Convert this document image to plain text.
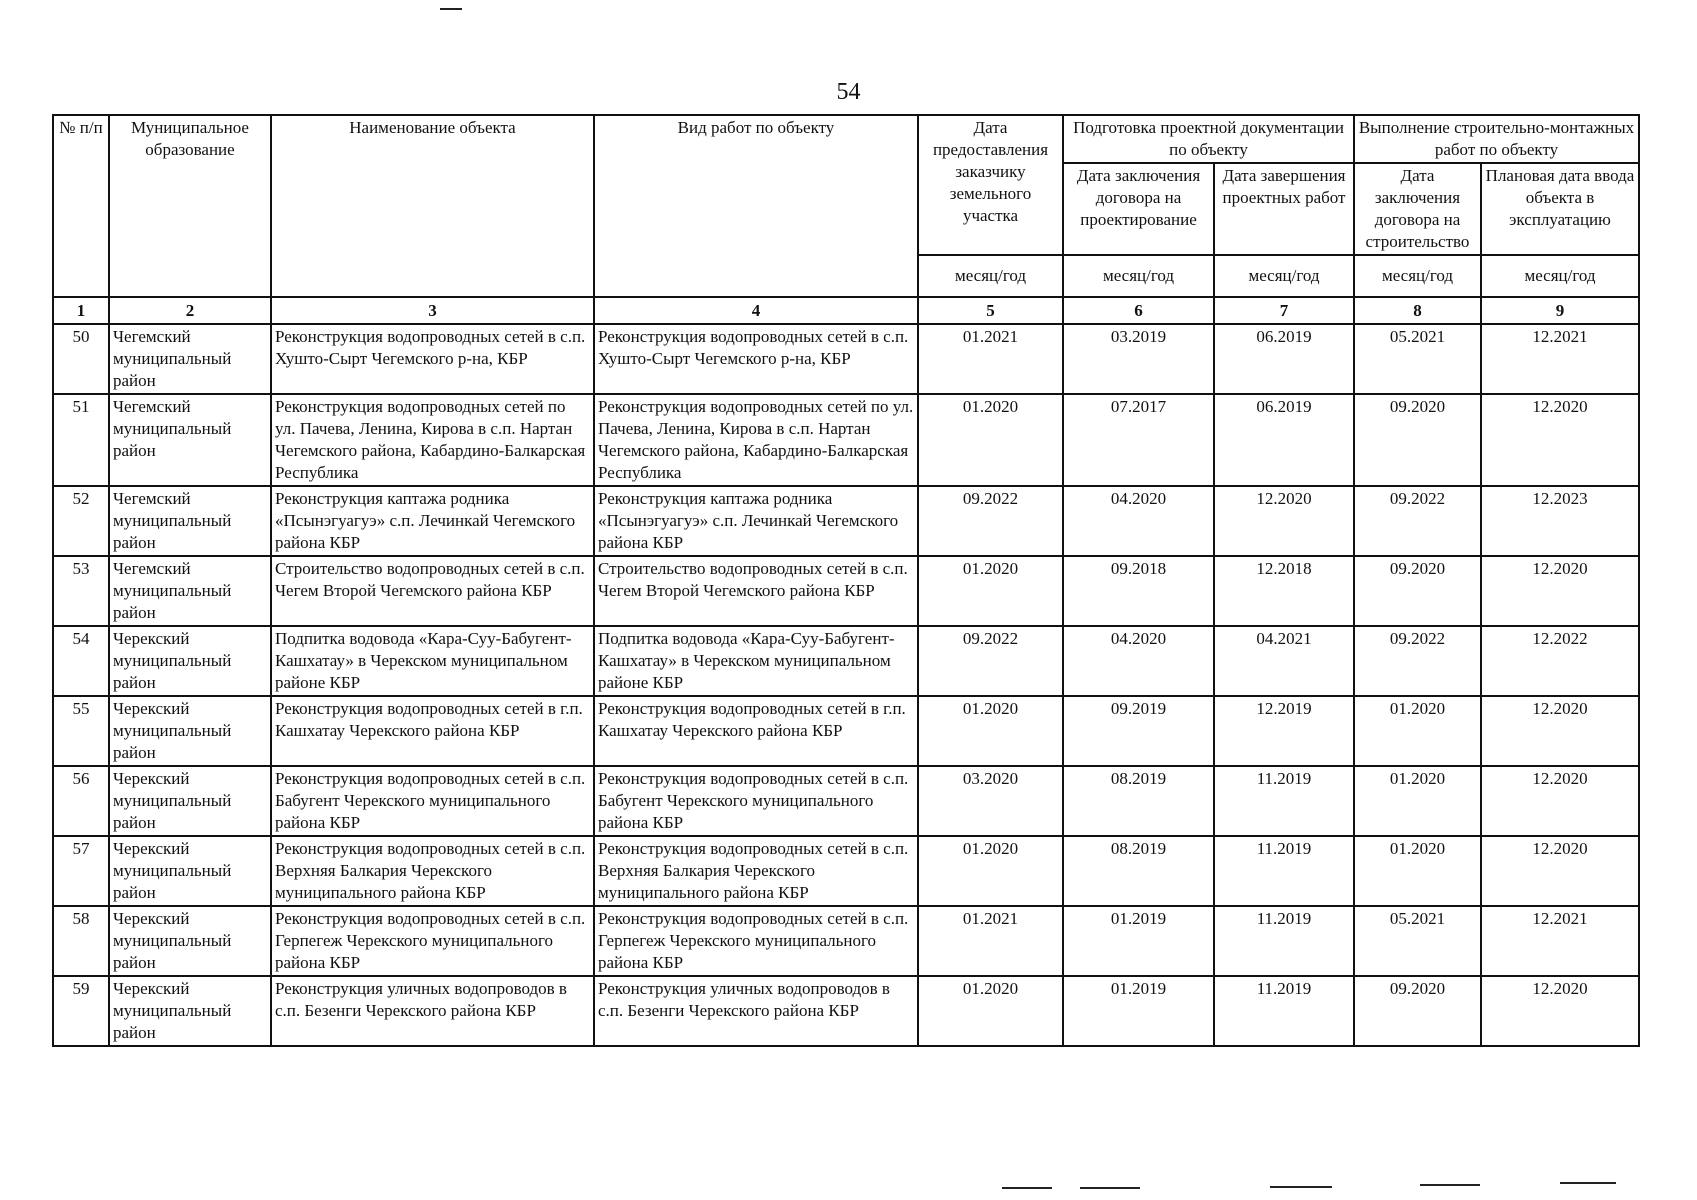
54
№ п/п	Муниципальное образование	Наименование объекта	Вид работ по объекту	Дата предоставления заказчику земельного участка	Подготовка проектной документации по объекту		Выполнение строительно-монтажных работ по объекту	
					Дата заключения договора на проектирование	Дата завершения проектных работ	Дата заключения договора на строительство	Плановая дата ввода объекта в эксплуатацию
				месяц/год	месяц/год	месяц/год	месяц/год	месяц/год
1	2	3	4	5	6	7	8	9
50	Чегемский муниципальный район	Реконструкция водопроводных сетей в с.п. Хушто-Сырт Чегемского р-на, КБР	Реконструкция водопроводных сетей в с.п. Хушто-Сырт Чегемского р-на, КБР	01.2021	03.2019	06.2019	05.2021	12.2021
51	Чегемский муниципальный район	Реконструкция водопроводных сетей по ул. Пачева, Ленина, Кирова в с.п. Нартан Чегемского района, Кабардино-Балкарская Республика	Реконструкция водопроводных сетей по ул. Пачева, Ленина, Кирова в с.п. Нартан Чегемского района, Кабардино-Балкарская Республика	01.2020	07.2017	06.2019	09.2020	12.2020
52	Чегемский муниципальный район	Реконструкция каптажа родника «Псынэгуагуэ» с.п. Лечинкай Чегемского района КБР	Реконструкция каптажа родника «Псынэгуагуэ» с.п. Лечинкай Чегемского района КБР	09.2022	04.2020	12.2020	09.2022	12.2023
53	Чегемский муниципальный район	Строительство водопроводных сетей в с.п. Чегем Второй Чегемского района КБР	Строительство водопроводных сетей в с.п. Чегем Второй Чегемского района КБР	01.2020	09.2018	12.2018	09.2020	12.2020
54	Черекский муниципальный район	Подпитка водовода «Кара-Суу-Бабугент-Кашхатау» в Черекском муниципальном районе КБР	Подпитка водовода «Кара-Суу-Бабугент-Кашхатау» в Черекском муниципальном районе КБР	09.2022	04.2020	04.2021	09.2022	12.2022
55	Черекский муниципальный район	Реконструкция водопроводных сетей в г.п. Кашхатау Черекского района КБР	Реконструкция водопроводных сетей в г.п. Кашхатау Черекского района КБР	01.2020	09.2019	12.2019	01.2020	12.2020
56	Черекский муниципальный район	Реконструкция водопроводных сетей в с.п. Бабугент Черекского муниципального района КБР	Реконструкция водопроводных сетей в с.п. Бабугент Черекского муниципального района КБР	03.2020	08.2019	11.2019	01.2020	12.2020
57	Черекский муниципальный район	Реконструкция водопроводных сетей в с.п. Верхняя Балкария Черекского муниципального района КБР	Реконструкция водопроводных сетей в с.п. Верхняя Балкария Черекского муниципального района КБР	01.2020	08.2019	11.2019	01.2020	12.2020
58	Черекский муниципальный район	Реконструкция водопроводных сетей в с.п. Герпегеж Черекского муниципального района КБР	Реконструкция водопроводных сетей в с.п. Герпегеж Черекского муниципального района КБР	01.2021	01.2019	11.2019	05.2021	12.2021
59	Черекский муниципальный район	Реконструкция уличных водопроводов в с.п. Безенги Черекского района КБР	Реконструкция уличных водопроводов в с.п. Безенги Черекского района КБР	01.2020	01.2019	11.2019	09.2020	12.2020
